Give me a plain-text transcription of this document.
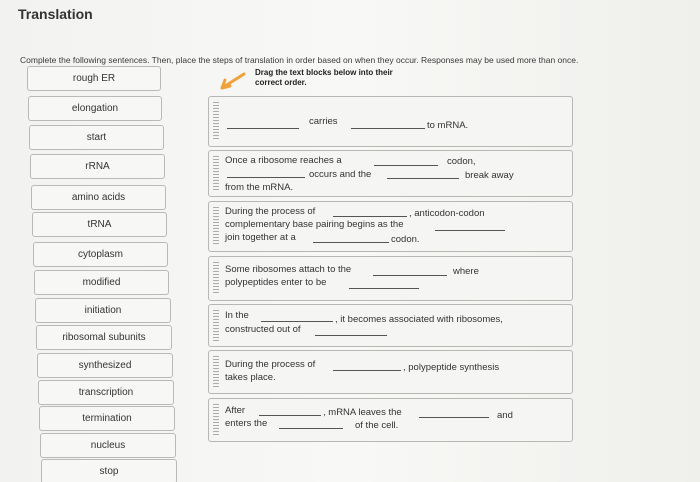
Translation
Complete the following sentences. Then, place the steps of translation in order based on when they occur. Responses may be used more than once.
rough ER
elongation
start
rRNA
amino acids
tRNA
cytoplasm
modified
initiation
ribosomal subunits
synthesized
transcription
termination
nucleus
stop
Drag the text blocks below into their
correct order.
carries	to mRNA.
Once a ribosome reaches a	codon,
occurs and the	break away
from the mRNA.
During the process of	, anticodon-codon
complementary base pairing begins as the
join together at a	codon.
Some ribosomes attach to the	where
polypeptides enter to be
In the	, it becomes associated with ribosomes,
constructed out of
During the process of	, polypeptide synthesis
takes place.
After	, mRNA leaves the	and
enters the	of the cell.
